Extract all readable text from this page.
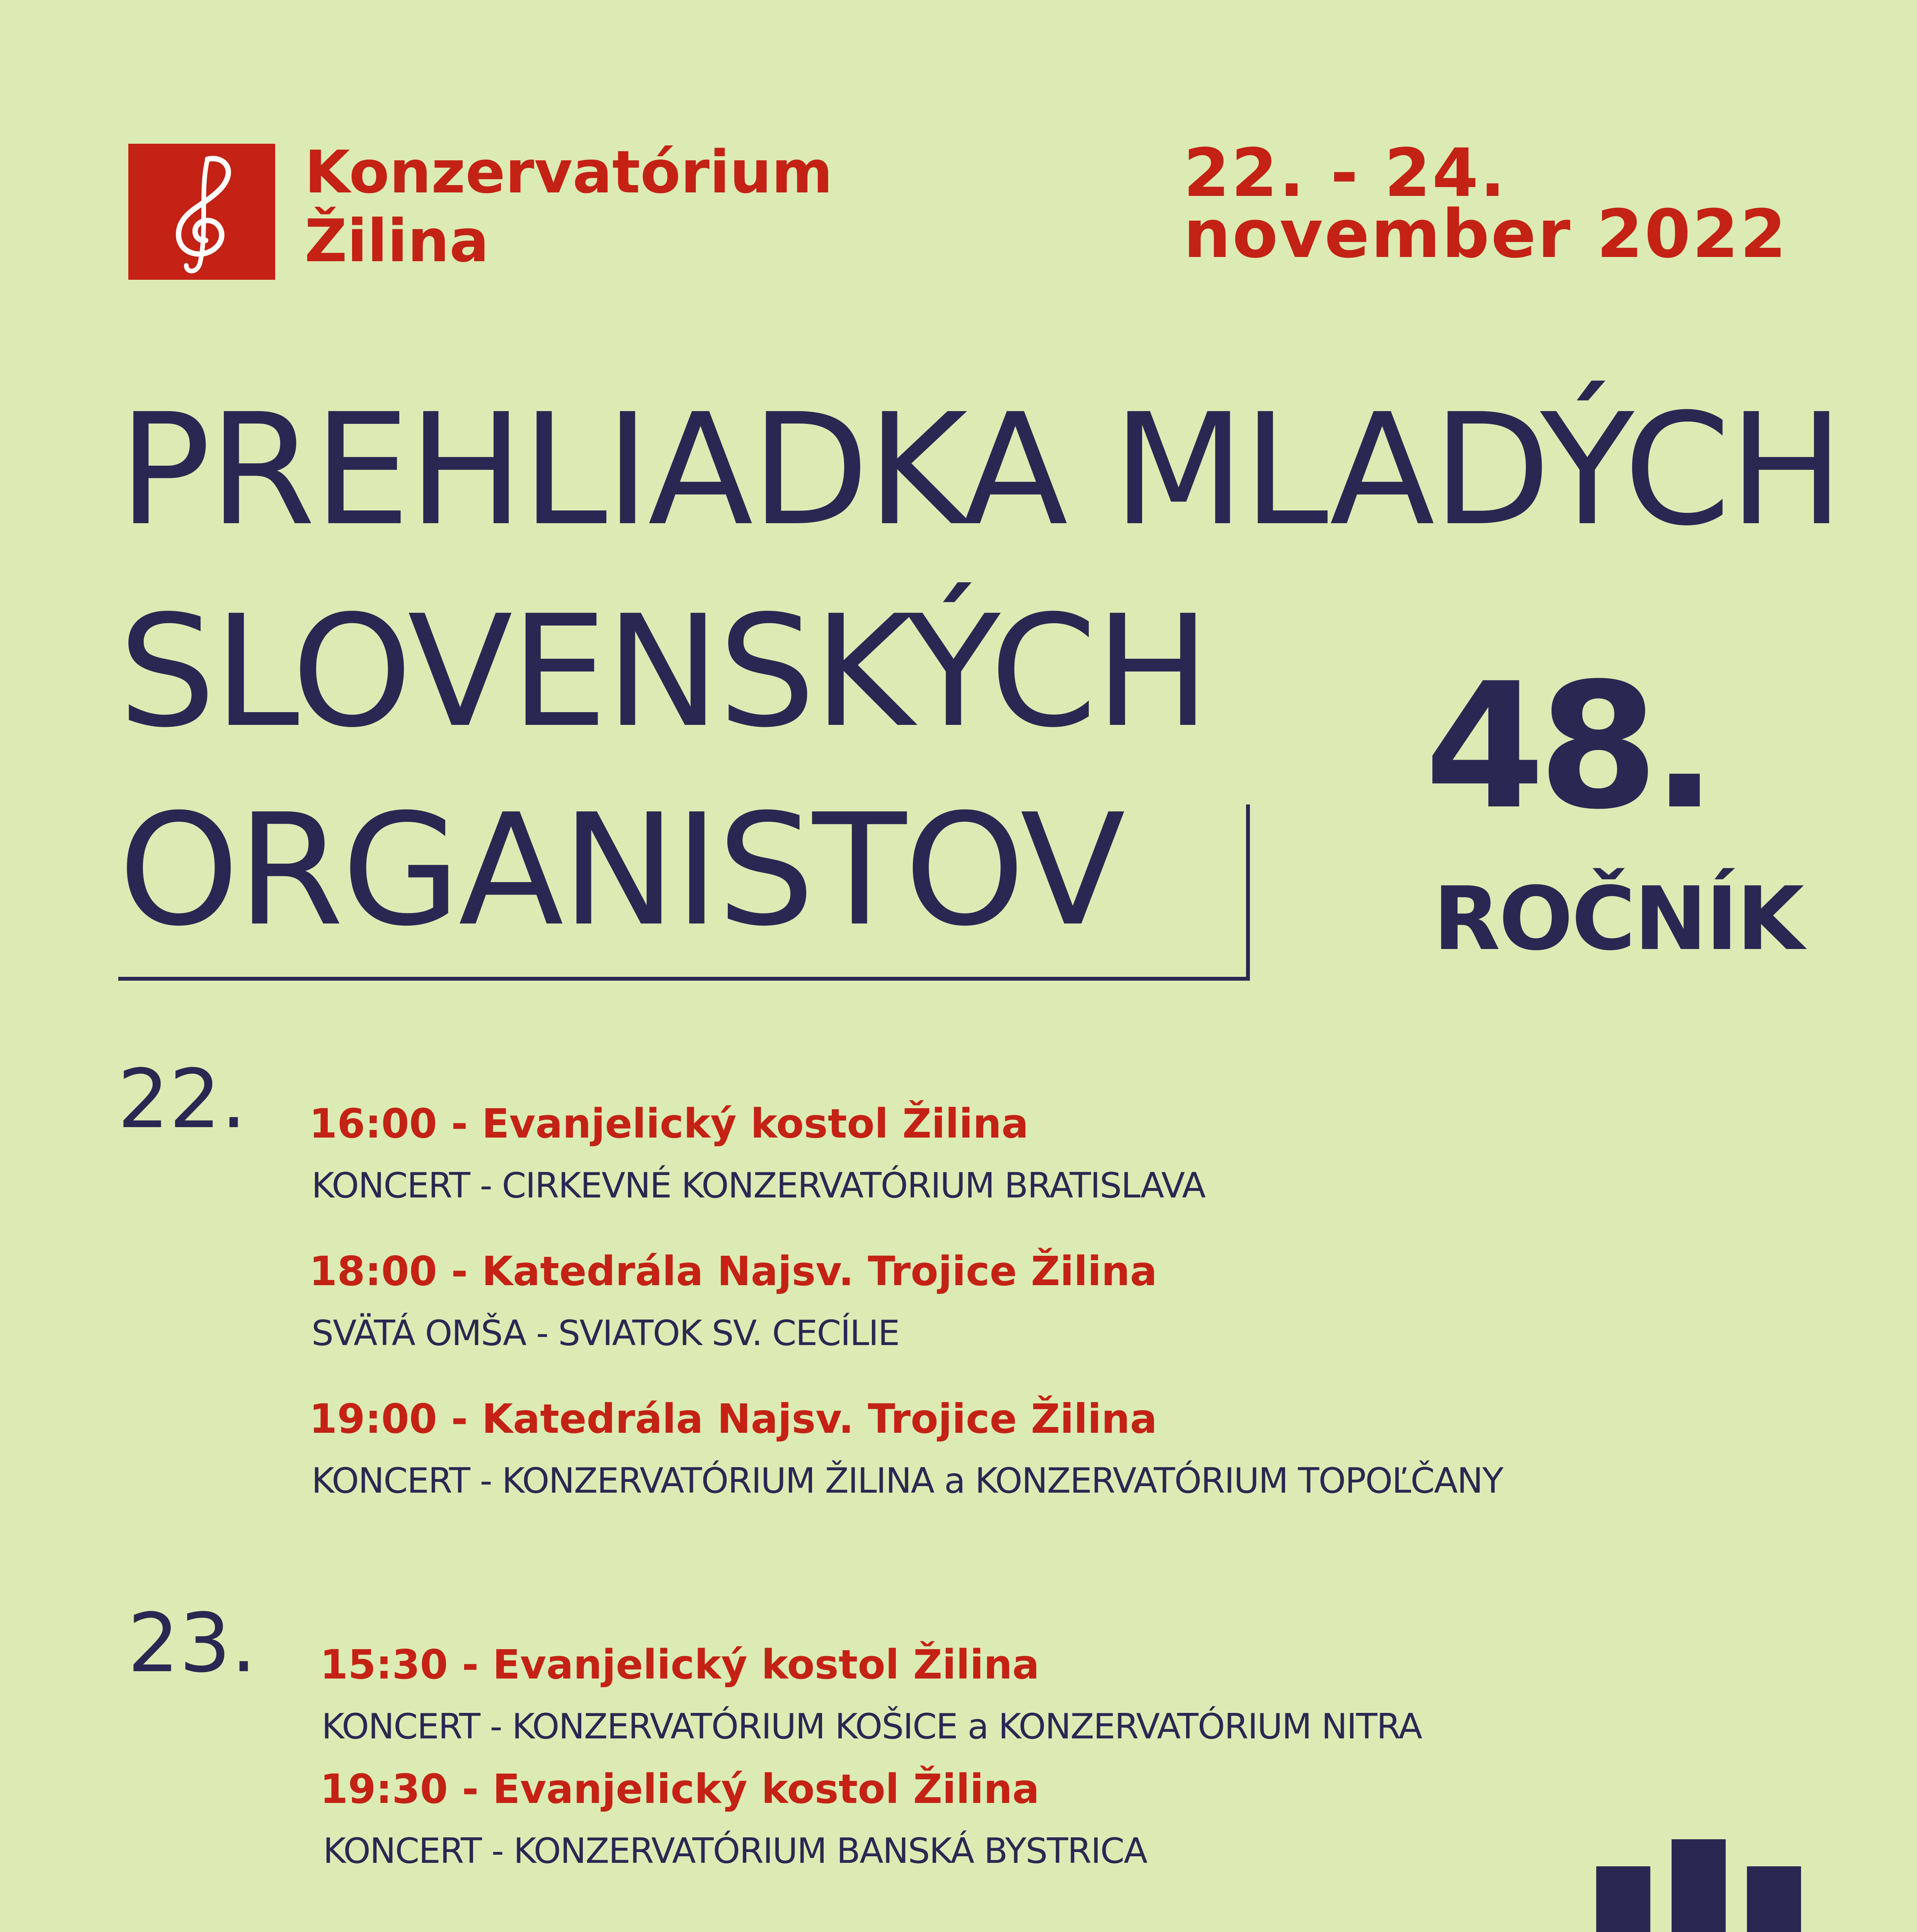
Konzervatórium
Žilina
22. - 24.
november 2022
PREHLIADKA MLADÝCH
SLOVENSKÝCH
ORGANISTOV
48.
ROČNÍK
22. 16:00 - Evanjelický kostol Žilina
KONCERT - CIRKEVNÉ KONZERVATÓRIUM BRATISLAVA
18:00 - Katedrála Najsv. Trojice Žilina
SVÄTÁ OMŠA - SVIATOK SV. CECÍLIE
19:00 - Katedrála Najsv. Trojice Žilina
KONCERT - KONZERVATÓRIUM ŽILINA a KONZERVATÓRIUM TOPOĽČANY
23. 15:30 - Evanjelický kostol Žilina
KONCERT - KONZERVATÓRIUM KOŠICE a KONZERVATÓRIUM NITRA
19:30 - Evanjelický kostol Žilina
KONCERT - KONZERVATÓRIUM BANSKÁ BYSTRICA
